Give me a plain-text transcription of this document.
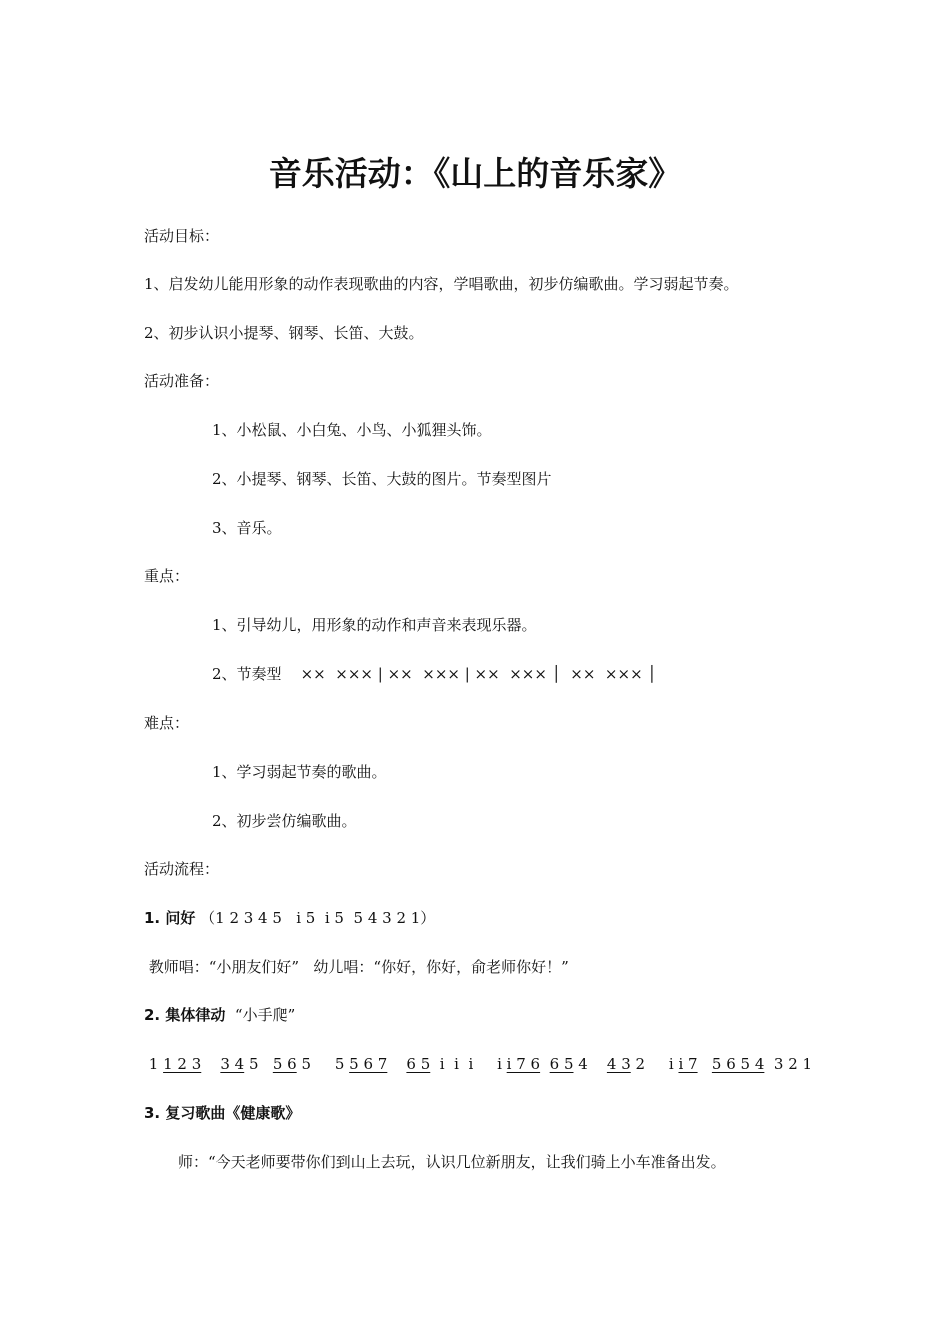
音乐活动：《山上的音乐家》
活动目标：
1、启发幼儿能用形象的动作表现歌曲的内容，学唱歌曲，初步仿编歌曲。学习弱起节奏。
2、初步认识小提琴、钢琴、长笛、大鼓。
活动准备：
1、小松鼠、小白兔、小鸟、小狐狸头饰。
2、小提琴、钢琴、长笛、大鼓的图片。节奏型图片
3、音乐。
重点：
1、引导幼儿，用形象的动作和声音来表现乐器。
2、节奏型    ××  ××× | ××  ××× | ××  ××× │  ××  ××× │
难点：
1、学习弱起节奏的歌曲。
2、初步尝仿编歌曲。
活动流程：
1. 问好 （1 2 3 4 5   i 5  i 5  5 4 3 2 1）
教师唱：“小朋友们好”   幼儿唱：“你好，你好，俞老师你好！”
2. 集体律动  “小手爬”
1 1 2 3 3 4 5   5 6 5     5 5 6 7 6 5  i  i  i     i i 7 6 6 5 4    4 3 2     i i 7 5 6 5 4  3 2 1
3. 复习歌曲《健康歌》
师：“今天老师要带你们到山上去玩，认识几位新朋友，让我们骑上小车准备出发。
